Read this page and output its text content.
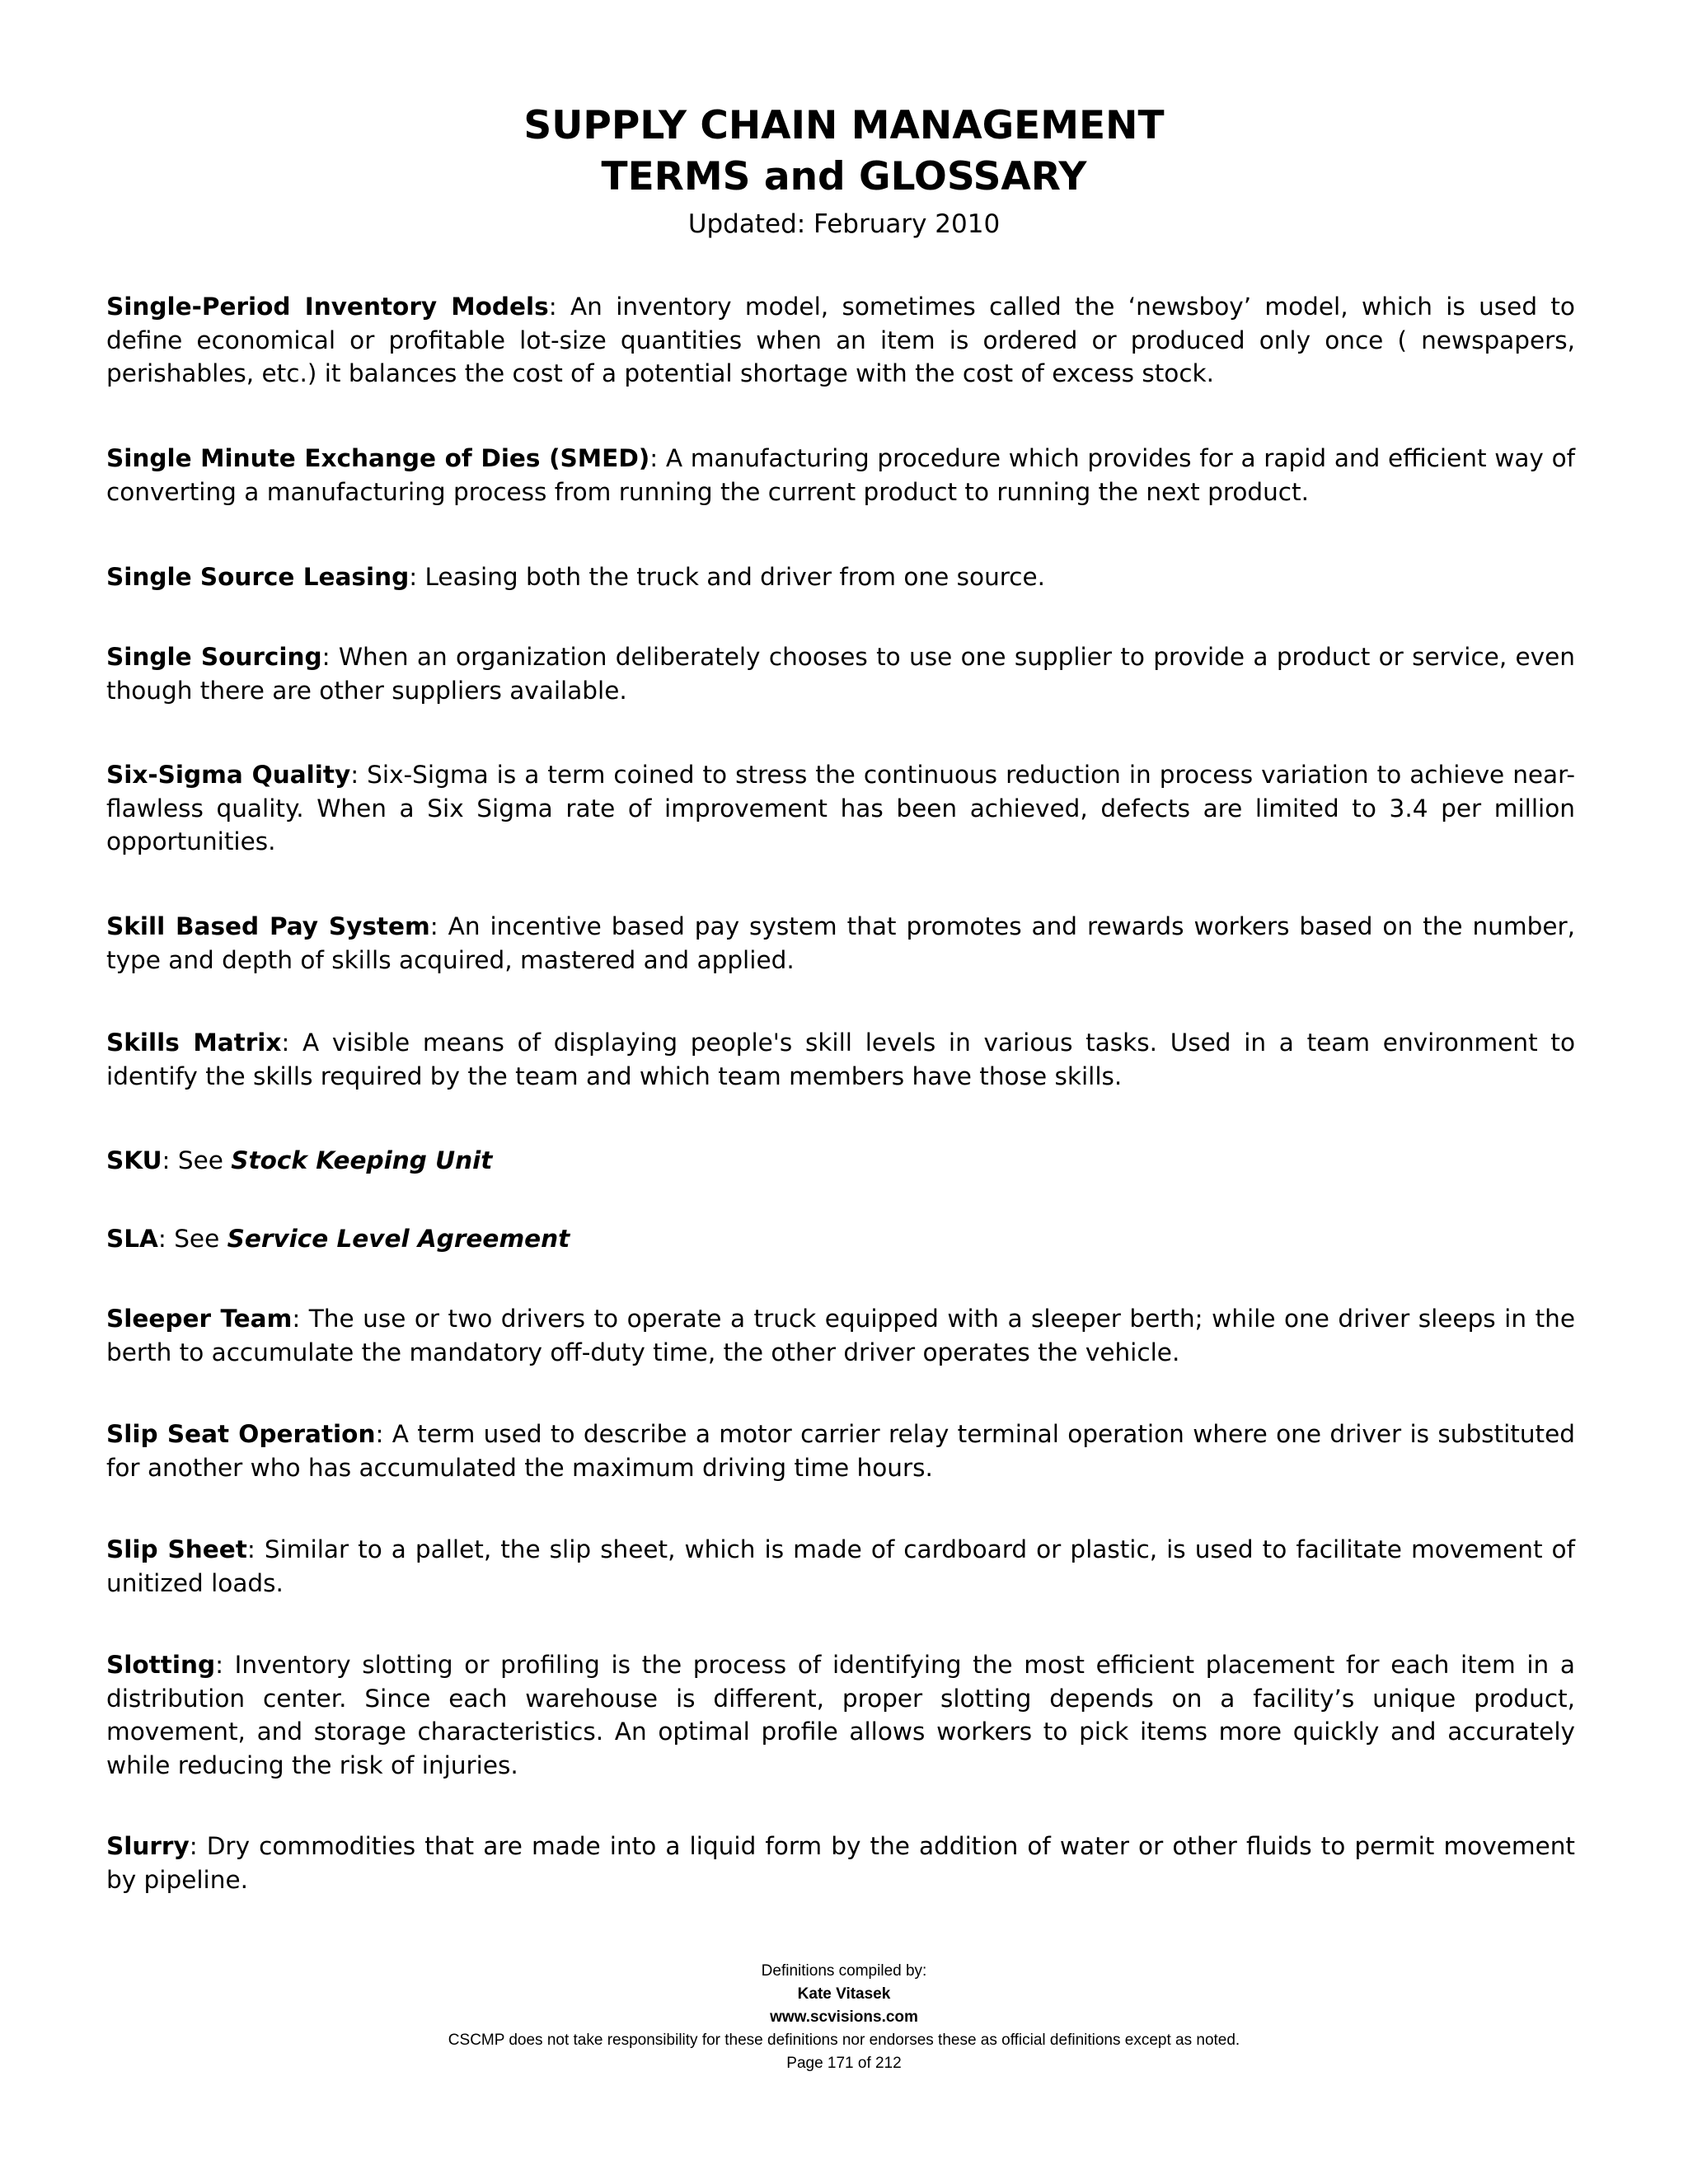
SUPPLY CHAIN MANAGEMENT
TERMS and GLOSSARY
Updated: February 2010

Single-Period Inventory Models: An inventory model, sometimes called the ‘newsboy’ model, which is used to define economical or profitable lot-size quantities when an item is ordered or produced only once ( newspapers, perishables, etc.) it balances the cost of a potential shortage with the cost of excess stock.

Single Minute Exchange of Dies (SMED): A manufacturing procedure which provides for a rapid and efficient way of converting a manufacturing process from running the current product to running the next product.

Single Source Leasing: Leasing both the truck and driver from one source.

Single Sourcing: When an organization deliberately chooses to use one supplier to provide a product or service, even though there are other suppliers available.

Six-Sigma Quality: Six-Sigma is a term coined to stress the continuous reduction in process variation to achieve near-flawless quality. When a Six Sigma rate of improvement has been achieved, defects are limited to 3.4 per million opportunities.

Skill Based Pay System: An incentive based pay system that promotes and rewards workers based on the number, type and depth of skills acquired, mastered and applied.

Skills Matrix: A visible means of displaying people's skill levels in various tasks. Used in a team environment to identify the skills required by the team and which team members have those skills.

SKU: See Stock Keeping Unit

SLA: See Service Level Agreement

Sleeper Team: The use or two drivers to operate a truck equipped with a sleeper berth; while one driver sleeps in the berth to accumulate the mandatory off-duty time, the other driver operates the vehicle.

Slip Seat Operation: A term used to describe a motor carrier relay terminal operation where one driver is substituted for another who has accumulated the maximum driving time hours.

Slip Sheet: Similar to a pallet, the slip sheet, which is made of cardboard or plastic, is used to facilitate movement of unitized loads.

Slotting: Inventory slotting or profiling is the process of identifying the most efficient placement for each item in a distribution center. Since each warehouse is different, proper slotting depends on a facility’s unique product, movement, and storage characteristics. An optimal profile allows workers to pick items more quickly and accurately while reducing the risk of injuries.

Slurry: Dry commodities that are made into a liquid form by the addition of water or other fluids to permit movement by pipeline.

Definitions compiled by:
Kate Vitasek
www.scvisions.com
CSCMP does not take responsibility for these definitions nor endorses these as official definitions except as noted.
Page 171 of 212
